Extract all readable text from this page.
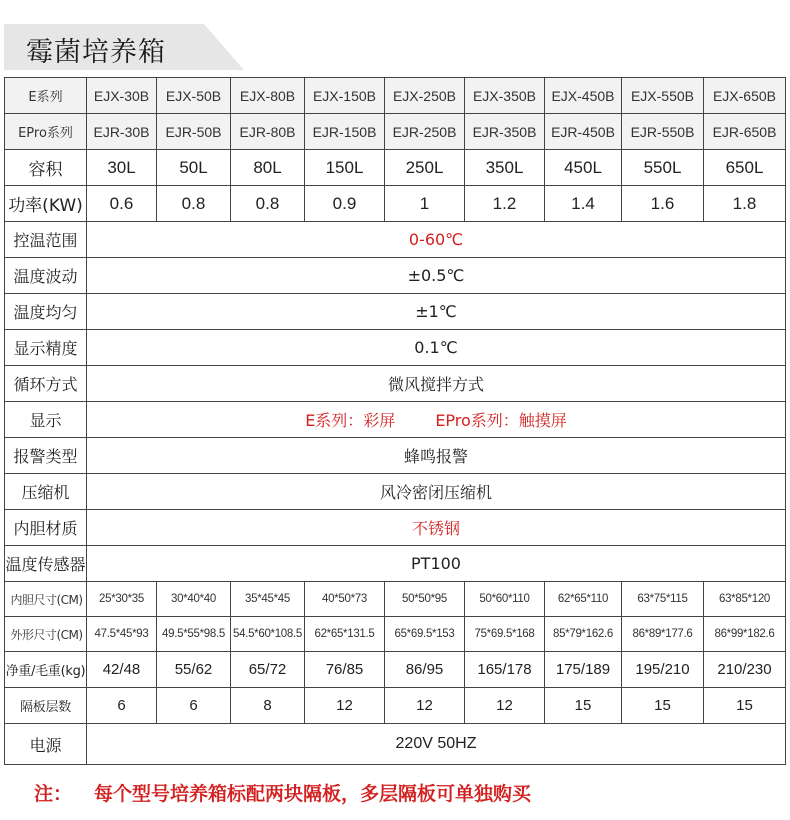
霉菌培养箱
E系列	EJX-30B	EJX-50B	EJX-80B	EJX-150B	EJX-250B	EJX-350B	EJX-450B	EJX-550B	EJX-650B
EPro系列	EJR-30B	EJR-50B	EJR-80B	EJR-150B	EJR-250B	EJR-350B	EJR-450B	EJR-550B	EJR-650B
容积	30L	50L	80L	150L	250L	350L	450L	550L	650L
功率(KW)	0.6	0.8	0.8	0.9	1	1.2	1.4	1.6	1.8
控温范围	0-60℃								
温度波动	±0.5℃								
温度均匀	±1℃								
显示精度	0.1℃								
循环方式	微风搅拌方式								
显示	E系列：彩屏 EPro系列：触摸屏								
报警类型	蜂鸣报警								
压缩机	风冷密闭压缩机								
内胆材质	不锈钢								
温度传感器	PT100								
内胆尺寸(CM)	25*30*35	30*40*40	35*45*45	40*50*73	50*50*95	50*60*110	62*65*110	63*75*115	63*85*120
外形尺寸(CM)	47.5*45*93	49.5*55*98.5	54.5*60*108.5	62*65*131.5	65*69.5*153	75*69.5*168	85*79*162.6	86*89*177.6	86*99*182.6
净重/毛重(kg)	42/48	55/62	65/72	76/85	86/95	165/178	175/189	195/210	210/230
隔板层数	6	6	8	12	12	12	15	15	15
电源	220V 50HZ								
注： 每个型号培养箱标配两块隔板，多层隔板可单独购买
